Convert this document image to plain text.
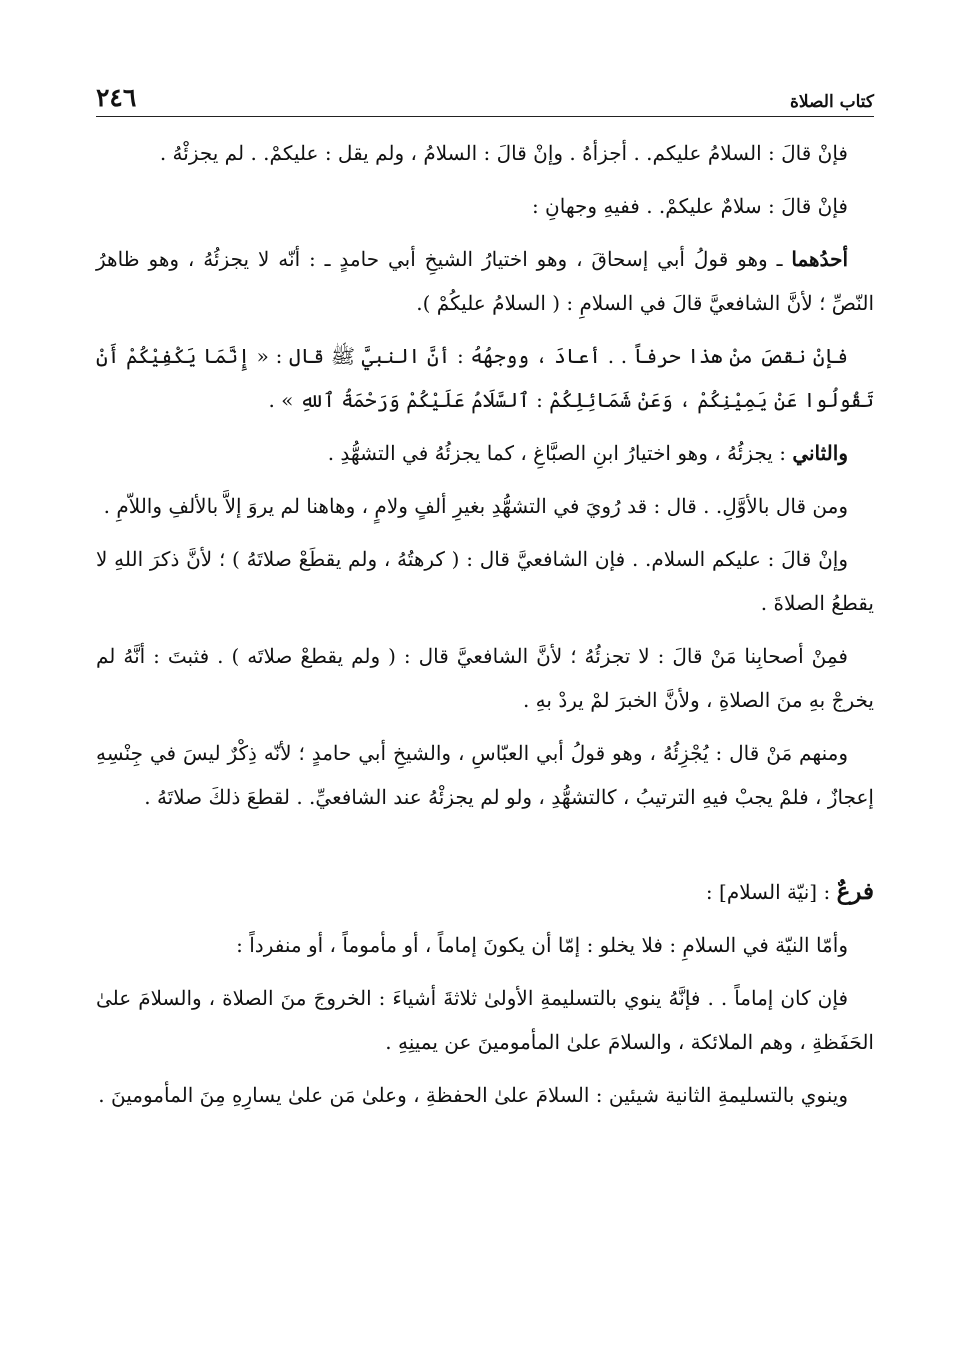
كتاب الصلاة
٢٤٦

فإنْ قالَ : السلامُ عليكم. . أجزأهُ . وإنْ قالَ : السلامُ ، ولم يقل : عليكمْ. . لم يجزئْهُ .

فإنْ قالَ : سلامٌ عليكمْ. . ففيهِ وجهانِ :

أحدُهما ـ وهو قولُ أبي إسحاقَ ، وهو اختيارُ الشيخِ أبي حامدٍ ـ : أنّه لا يجزئُهُ ، وهو ظاهرُ النّصِّ ؛ لأنَّ الشافعيَّ قالَ في السلامِ : ( السلامُ عليكُمْ ).

فإنْ نقصَ منْ هذا حرفاً . . أعادَ ، ووجهُهُ : أنَّ النبيَّ ﷺ قال : « إِنَّمَا يَكْفِيْكُمْ أَنْ تَقُولُوا عَنْ يَمِيْنِكُمْ ، وَعَنْ شَمَائِلِكُمْ : ٱلسَّلَامُ عَلَيْكُمْ وَرَحْمَةُ ٱللهِ » .

والثاني : يجزئُهُ ، وهو اختيارُ ابنِ الصبَّاغِ ، كما يجزئُهُ في التشهُّدِ .

ومن قال بالأوَّلِ. . قال : قد رُويَ في التشهُّدِ بغيرِ ألفٍ ولامٍ ، وهاهنا لم يروَ إلاَّ بالألفِ واللاّمِ .

وإنْ قالَ : عليكم السلام. . فإن الشافعيَّ قال : ( كرهتُهُ ، ولم يقطَعْ صلاتَهُ ) ؛ لأنَّ ذكرَ اللهِ لا يقطعُ الصلاةَ .

فمِنْ أصحابِنا مَنْ قالَ : لا تجزئُهُ ؛ لأنَّ الشافعيَّ قال : ( ولم يقطعْ صلاتَه ) . فثبتَ : أنَّهُ لم يخرجْ بهِ منَ الصلاةِ ، ولأنَّ الخبرَ لمْ يردْ بهِ .

ومنهم مَنْ قال : يُجْزِئُهُ ، وهو قولُ أبي العبّاسِ ، والشيخِ أبي حامدٍ ؛ لأنّه ذِكْرٌ ليسَ في جِنْسِهِ إعجازٌ ، فلمْ يجبْ فيهِ الترتيبُ ، كالتشهُّدِ ، ولو لم يجزئْهُ عند الشافعيِّ. . لقطعَ ذلكَ صلاتَهُ .

فرعٌ : [نيّة السلام] :

وأمّا النيّة في السلامِ : فلا يخلو : إمّا أن يكونَ إماماً ، أو مأموماً ، أو منفرداً :

فإن كان إماماً . . فإنَّهُ ينوي بالتسليمةِ الأولىٰ ثلاثةَ أشياءَ : الخروجَ منَ الصلاة ، والسلامَ علىٰ الحَفَظةِ ، وهم الملائكة ، والسلامَ علىٰ المأمومينَ عن يمينِهِ .

وينوي بالتسليمةِ الثانية شيئين : السلامَ علىٰ الحفظةِ ، وعلىٰ مَن علىٰ يسارِهِ مِنَ المأمومينَ .
